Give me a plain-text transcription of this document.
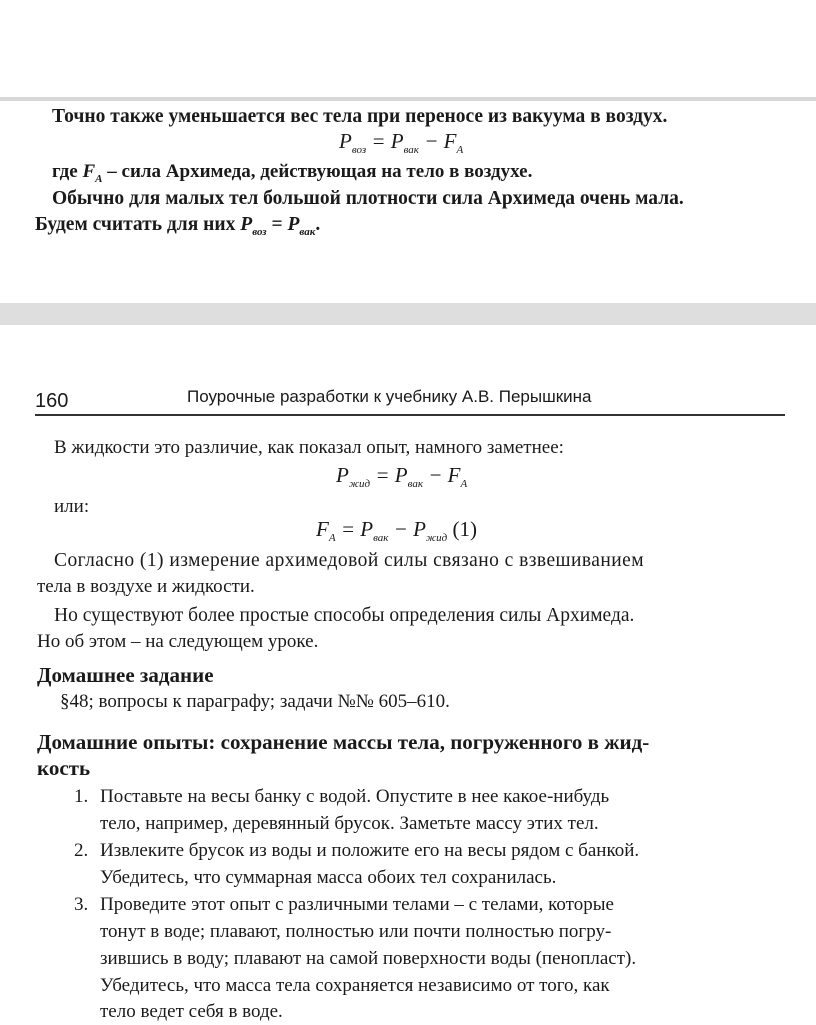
Точно также уменьшается вес тела при переносе из вакуума в воздух.
$P_{воз} = P_{вак} - F_A$
где $F_A$ – сила Архимеда, действующая на тело в воздухе.
Обычно для малых тел большой плотности сила Архимеда очень мала.
Будем считать для них $P_{воз} = P_{вак}$.
160	Поурочные разработки к учебнику А.В. Перышкина
В жидкости это различие, как показал опыт, намного заметнее:
$P_{жид} = P_{вак} - F_A$
или:
$F_A = P_{вак} - P_{жид}$ (1)
Согласно (1) измерение архимедовой силы связано с взвешиванием
тела в воздухе и жидкости.
Но существуют более простые способы определения силы Архимеда.
Но об этом – на следующем уроке.
Домашнее задание
§48; вопросы к параграфу; задачи №№ 605–610.
Домашние опыты: сохранение массы тела, погруженного в жид-
кость
1. Поставьте на весы банку с водой. Опустите в нее какое-нибудь
тело, например, деревянный брусок. Заметьте массу этих тел.
2. Извлеките брусок из воды и положите его на весы рядом с банкой.
Убедитесь, что суммарная масса обоих тел сохранилась.
3. Проведите этот опыт с различными телами – с телами, которые
тонут в воде; плавают, полностью или почти полностью погру-
зившись в воду; плавают на самой поверхности воды (пенопласт).
Убедитесь, что масса тела сохраняется независимо от того, как
тело ведет себя в воде.
